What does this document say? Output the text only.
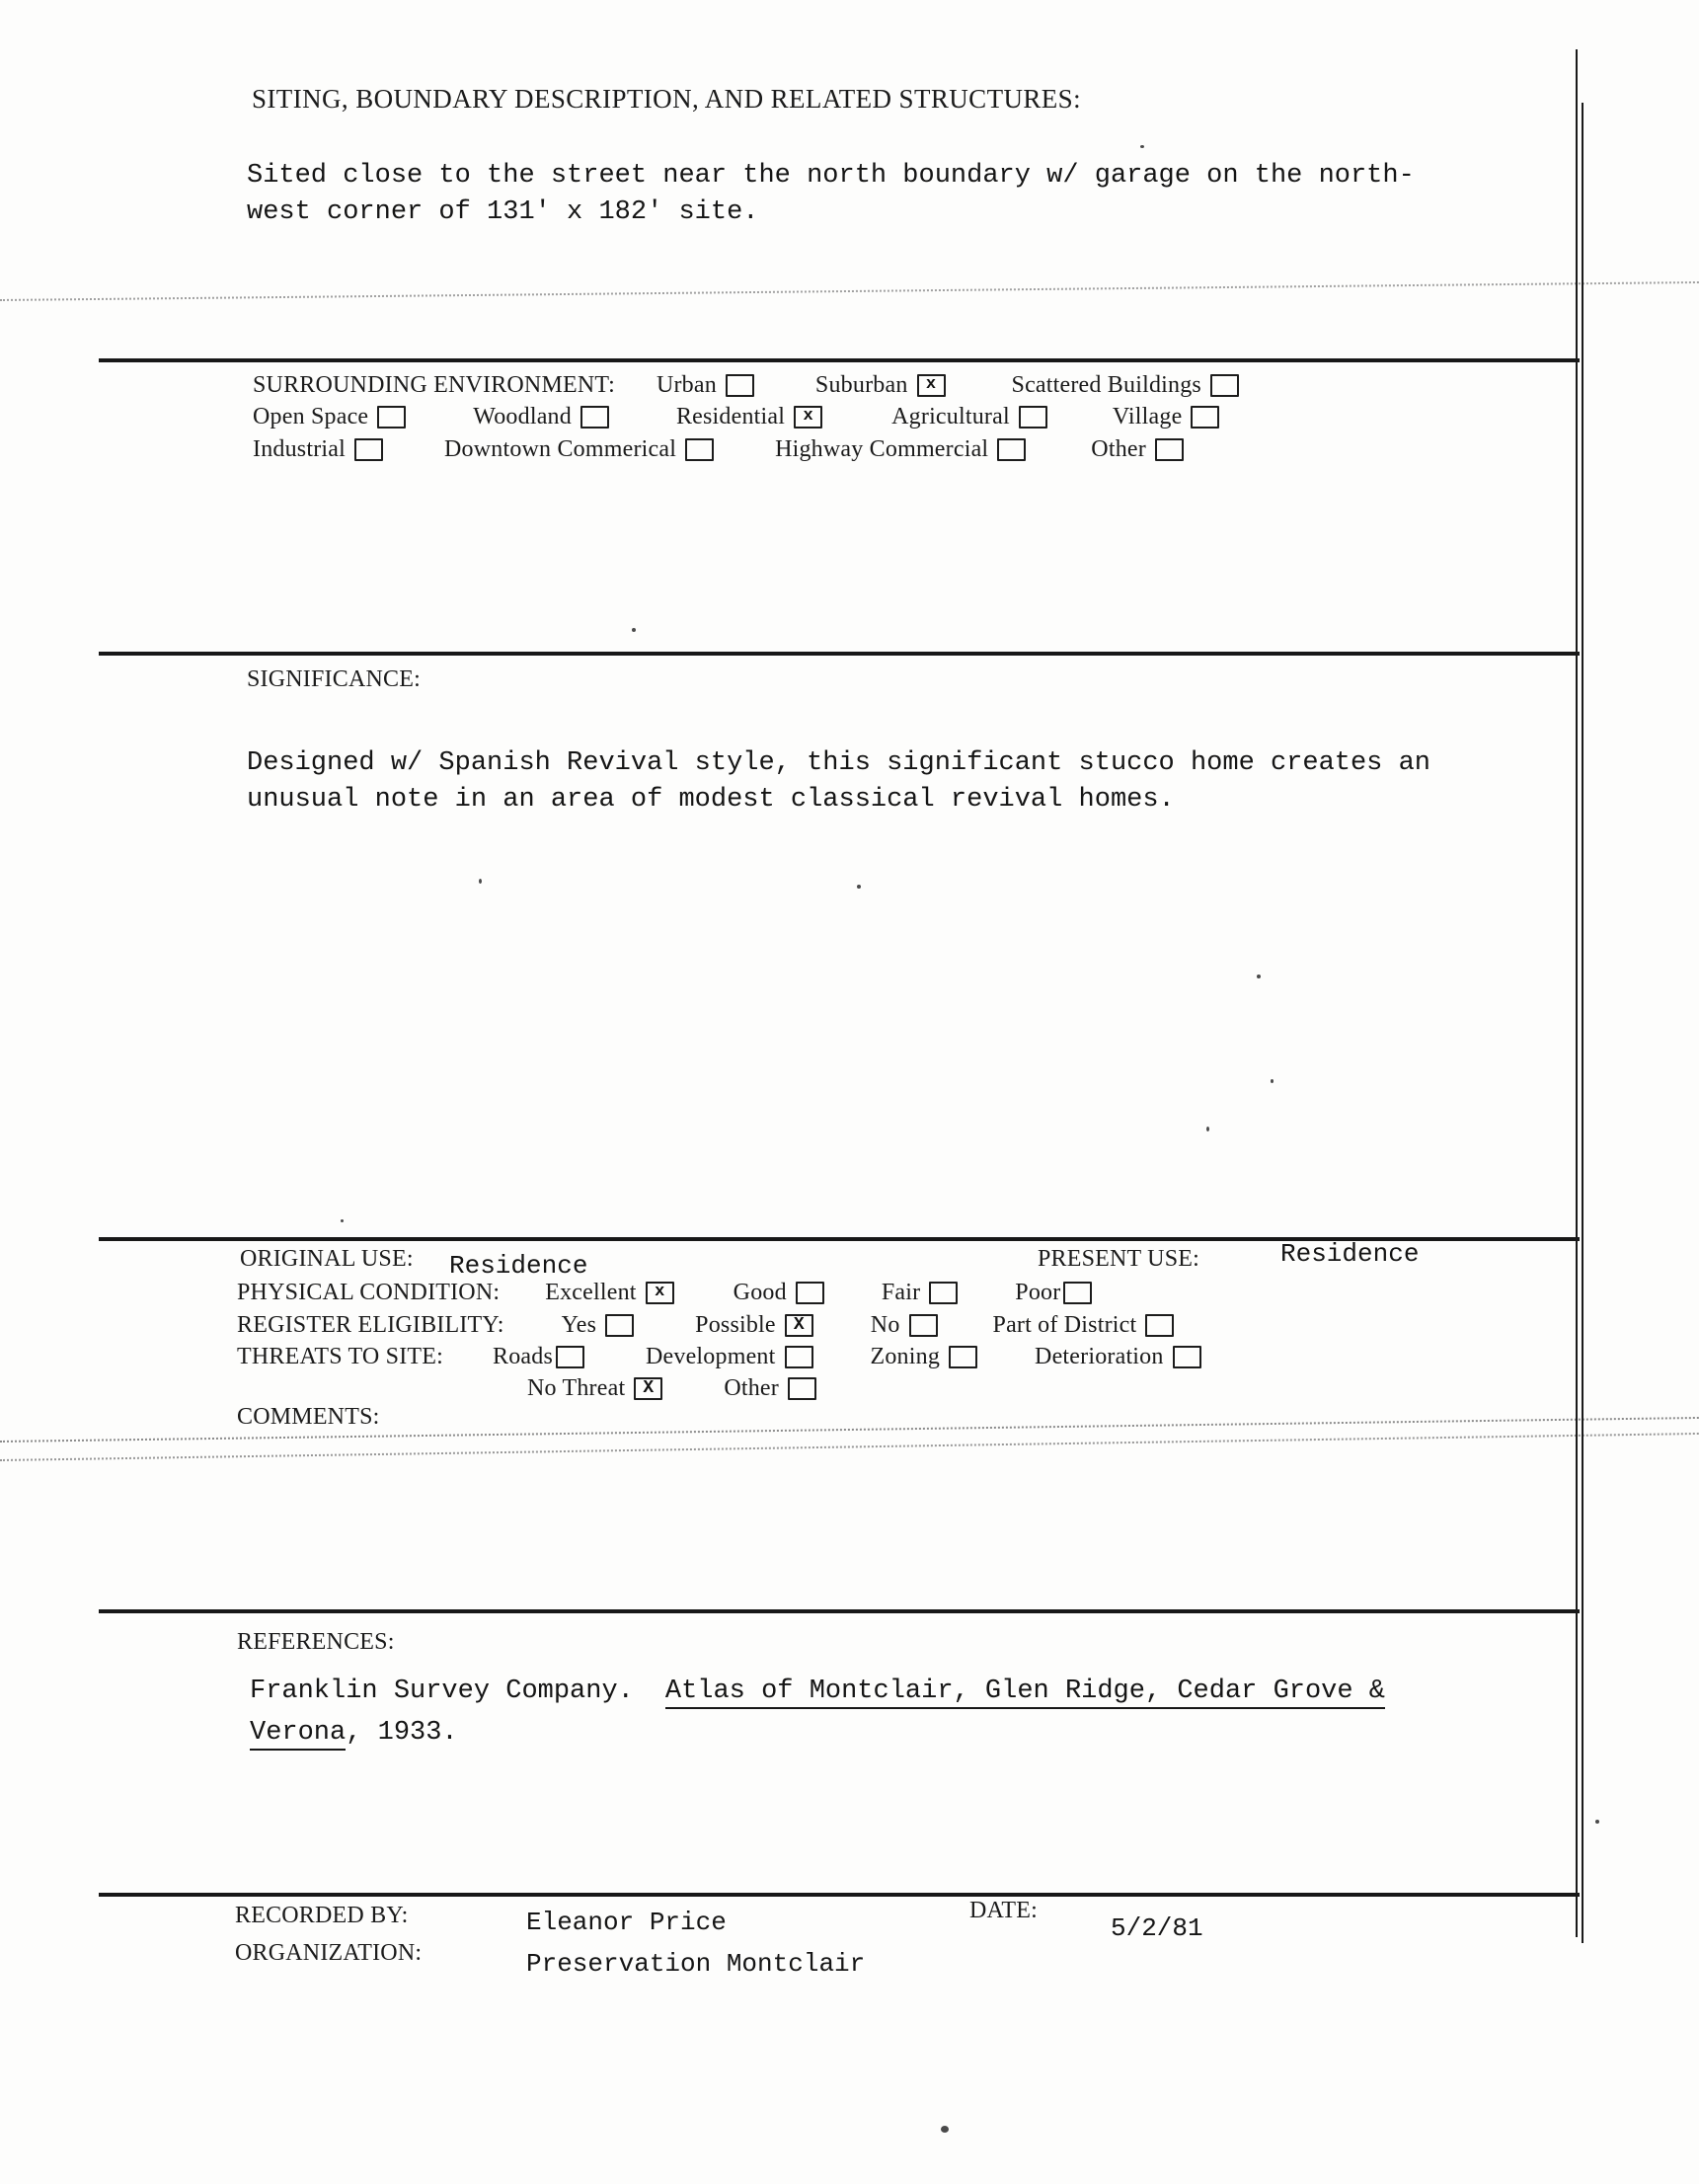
SITING, BOUNDARY DESCRIPTION, AND RELATED STRUCTURES:
Sited close to the street near the north boundary w/ garage on the north-
west corner of 131' x 182' site.
SURROUNDING ENVIRONMENT: Urban	Suburban	x	Scattered Buildings
Open Space	Woodland	Residential	x	Agricultural	Village
Industrial	Downtown Commerical	Highway Commercial	Other
SIGNIFICANCE:
Designed w/ Spanish Revival style, this significant stucco home creates an
unusual note in an area of modest classical revival homes.
ORIGINAL USE: Residence	PRESENT USE:	Residence
PHYSICAL CONDITION: Excellent	x	Good	Fair	Poor
REGISTER ELIGIBILITY: Yes	Possible	X	No	Part of District
THREATS TO SITE: Roads	Development	Zoning	Deterioration
No Threat	X	Other
COMMENTS:
REFERENCES:
Franklin Survey Company. Atlas of Montclair, Glen Ridge, Cedar Grove &
Verona, 1933.
RECORDED BY:	Eleanor Price
ORGANIZATION:	Preservation Montclair
DATE:
5/2/81
